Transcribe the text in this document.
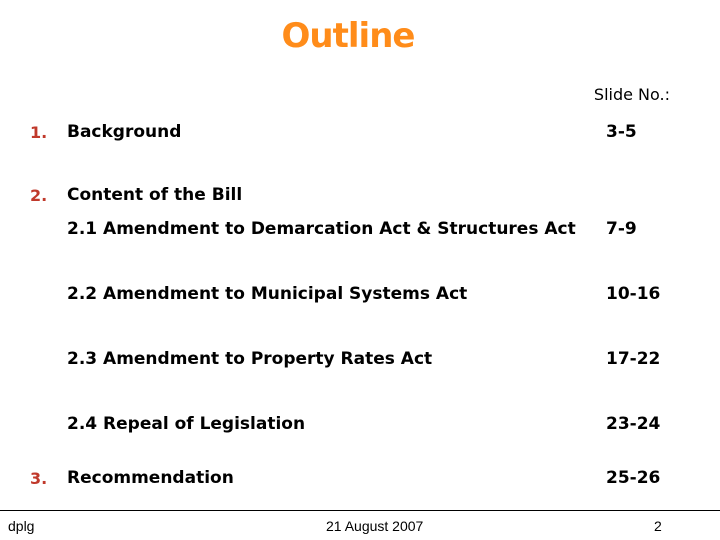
Outline
Slide No.:
1. Background	3-5
2. Content of the Bill
2.1 Amendment to Demarcation Act & Structures Act 7-9
2.2 Amendment to Municipal Systems Act	10-16
2.3 Amendment to Property Rates Act	17-22
2.4 Repeal of Legislation	23-24
3. Recommendation	25-26
dplg	21 August 2007	2
